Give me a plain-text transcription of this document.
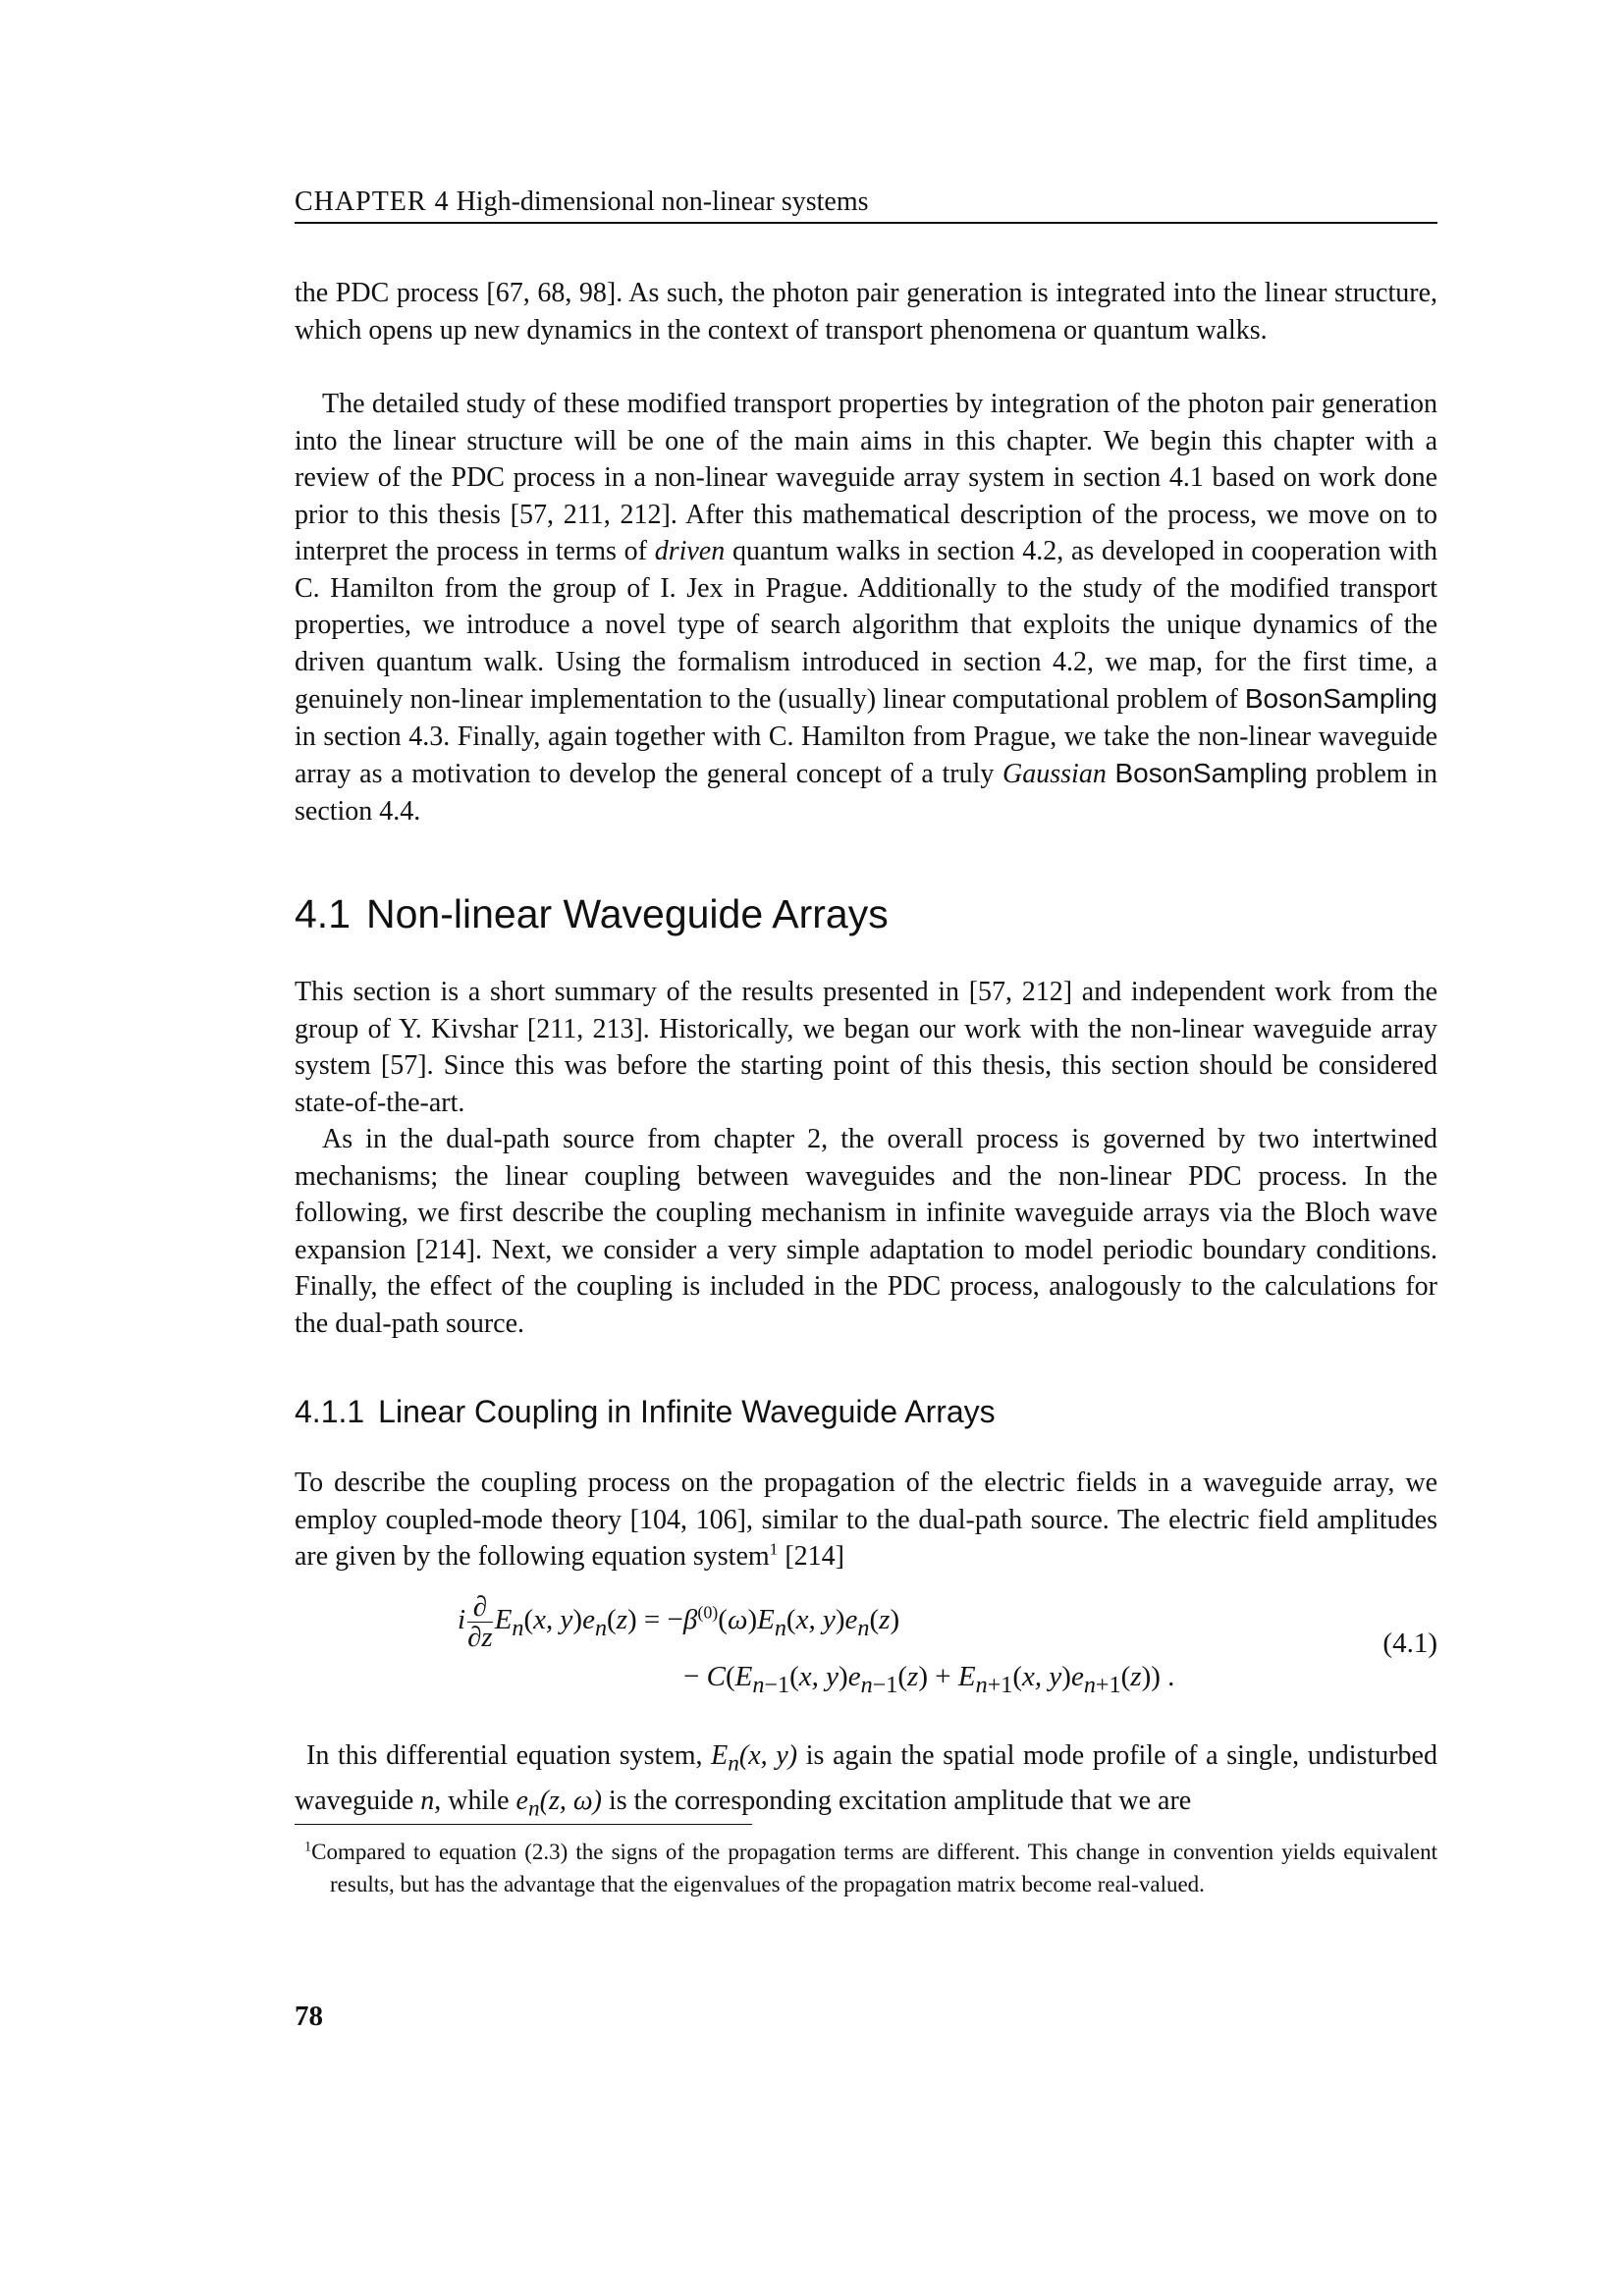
CHAPTER 4 High-dimensional non-linear systems

the PDC process [67, 68, 98]. As such, the photon pair generation is integrated into the linear structure, which opens up new dynamics in the context of transport phenomena or quantum walks.

The detailed study of these modified transport properties by integration of the photon pair generation into the linear structure will be one of the main aims in this chapter. We begin this chapter with a review of the PDC process in a non-linear waveguide array system in section 4.1 based on work done prior to this thesis [57, 211, 212]. After this mathematical description of the process, we move on to interpret the process in terms of driven quantum walks in section 4.2, as developed in cooperation with C. Hamilton from the group of I. Jex in Prague. Additionally to the study of the modified transport properties, we introduce a novel type of search algorithm that exploits the unique dynamics of the driven quantum walk. Using the formalism introduced in section 4.2, we map, for the first time, a genuinely non-linear implementation to the (usually) linear computational problem of BosonSampling in section 4.3. Finally, again together with C. Hamilton from Prague, we take the non-linear waveguide array as a motivation to develop the general concept of a truly Gaussian BosonSampling problem in section 4.4.

4.1 Non-linear Waveguide Arrays

This section is a short summary of the results presented in [57, 212] and independent work from the group of Y. Kivshar [211, 213]. Historically, we began our work with the non-linear waveguide array system [57]. Since this was before the starting point of this thesis, this section should be considered state-of-the-art.

As in the dual-path source from chapter 2, the overall process is governed by two intertwined mechanisms; the linear coupling between waveguides and the non-linear PDC process. In the following, we first describe the coupling mechanism in infinite waveguide arrays via the Bloch wave expansion [214]. Next, we consider a very simple adaptation to model periodic boundary conditions. Finally, the effect of the coupling is included in the PDC process, analogously to the calculations for the dual-path source.

4.1.1 Linear Coupling in Infinite Waveguide Arrays

To describe the coupling process on the propagation of the electric fields in a waveguide array, we employ coupled-mode theory [104, 106], similar to the dual-path source. The electric field amplitudes are given by the following equation system$^1$ [214]

i $\frac{\partial}{\partial z} E_n(x$, $y)e_n(z) = -\beta^{(0)}(\omega)E_n(x$, $y)e_n(z)$
− $C(E_{n-1}(x$, $y)e_{n-1}(z) + E_{n+1}(x$, $y)e_{n+1}(z)$) .
(4.1)

In this differential equation system, $E_n(x$, y) is again the spatial mode profile of a single, undisturbed waveguide n, while $e_n(z$, ω) is the corresponding excitation amplitude that we are

$^1$Compared to equation (2.3) the signs of the propagation terms are different. This change in convention yields equivalent results, but has the advantage that the eigenvalues of the propagation matrix become real-valued.

78
